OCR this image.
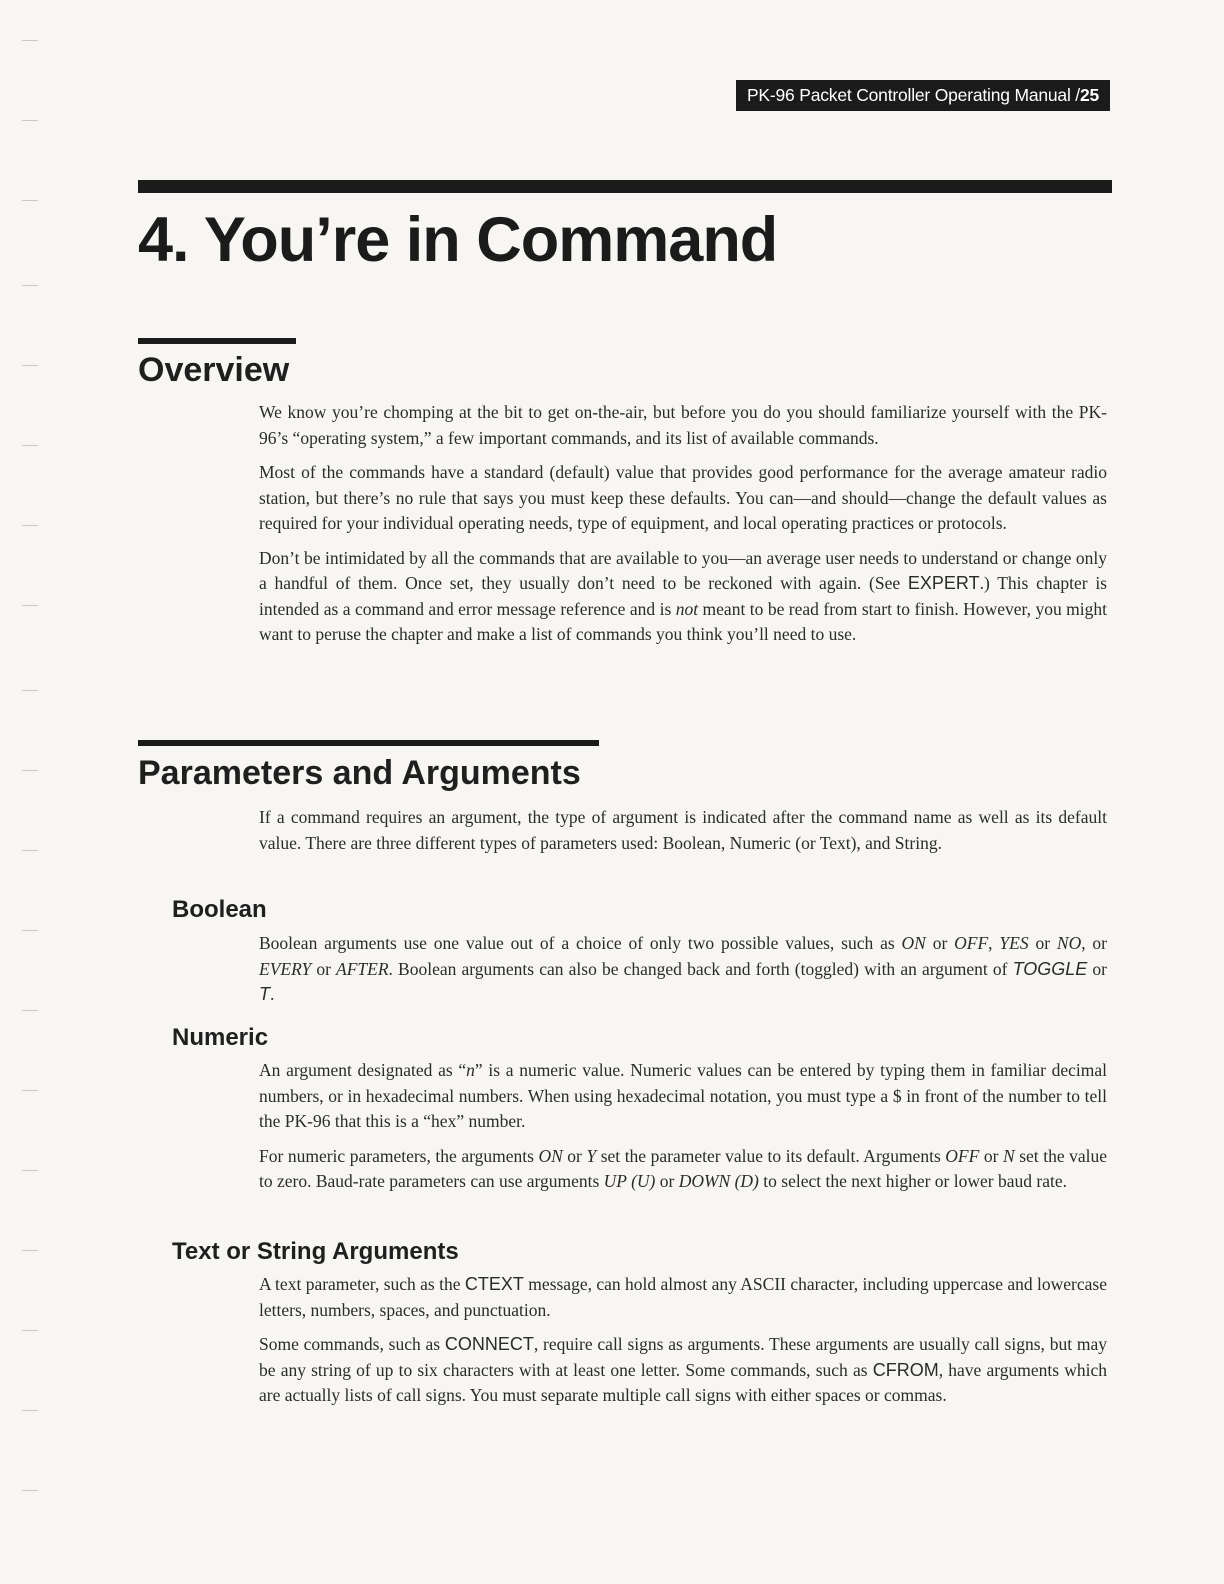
PK-96 Packet Controller Operating Manual / 25
4. You’re in Command
Overview

We know you’re chomping at the bit to get on-the-air, but before you do you should familiarize yourself with the PK-96’s “operating system,” a few important commands, and its list of available commands.

Most of the commands have a standard (default) value that provides good performance for the average amateur radio station, but there’s no rule that says you must keep these defaults. You can—and should—change the default values as required for your individual operating needs, type of equipment, and local operating practices or protocols.

Don’t be intimidated by all the commands that are available to you—an average user needs to understand or change only a handful of them. Once set, they usually don’t need to be reckoned with again. (See EXPERT.) This chapter is intended as a command and error message reference and is not meant to be read from start to finish. However, you might want to peruse the chapter and make a list of commands you think you’ll need to use.

Parameters and Arguments

If a command requires an argument, the type of argument is indicated after the command name as well as its default value. There are three different types of parameters used: Boolean, Numeric (or Text), and String.

Boolean

Boolean arguments use one value out of a choice of only two possible values, such as ON or OFF, YES or NO, or EVERY or AFTER. Boolean arguments can also be changed back and forth (toggled) with an argument of TOGGLE or T.

Numeric

An argument designated as “n” is a numeric value. Numeric values can be entered by typing them in familiar decimal numbers, or in hexadecimal numbers. When using hexadecimal notation, you must type a $ in front of the number to tell the PK-96 that this is a “hex” number.

For numeric parameters, the arguments ON or Y set the parameter value to its default. Arguments OFF or N set the value to zero. Baud-rate parameters can use arguments UP (U) or DOWN (D) to select the next higher or lower baud rate.

Text or String Arguments

A text parameter, such as the CTEXT message, can hold almost any ASCII character, including uppercase and lowercase letters, numbers, spaces, and punctuation.

Some commands, such as CONNECT, require call signs as arguments. These arguments are usually call signs, but may be any string of up to six characters with at least one letter. Some commands, such as CFROM, have arguments which are actually lists of call signs. You must separate multiple call signs with either spaces or commas.
